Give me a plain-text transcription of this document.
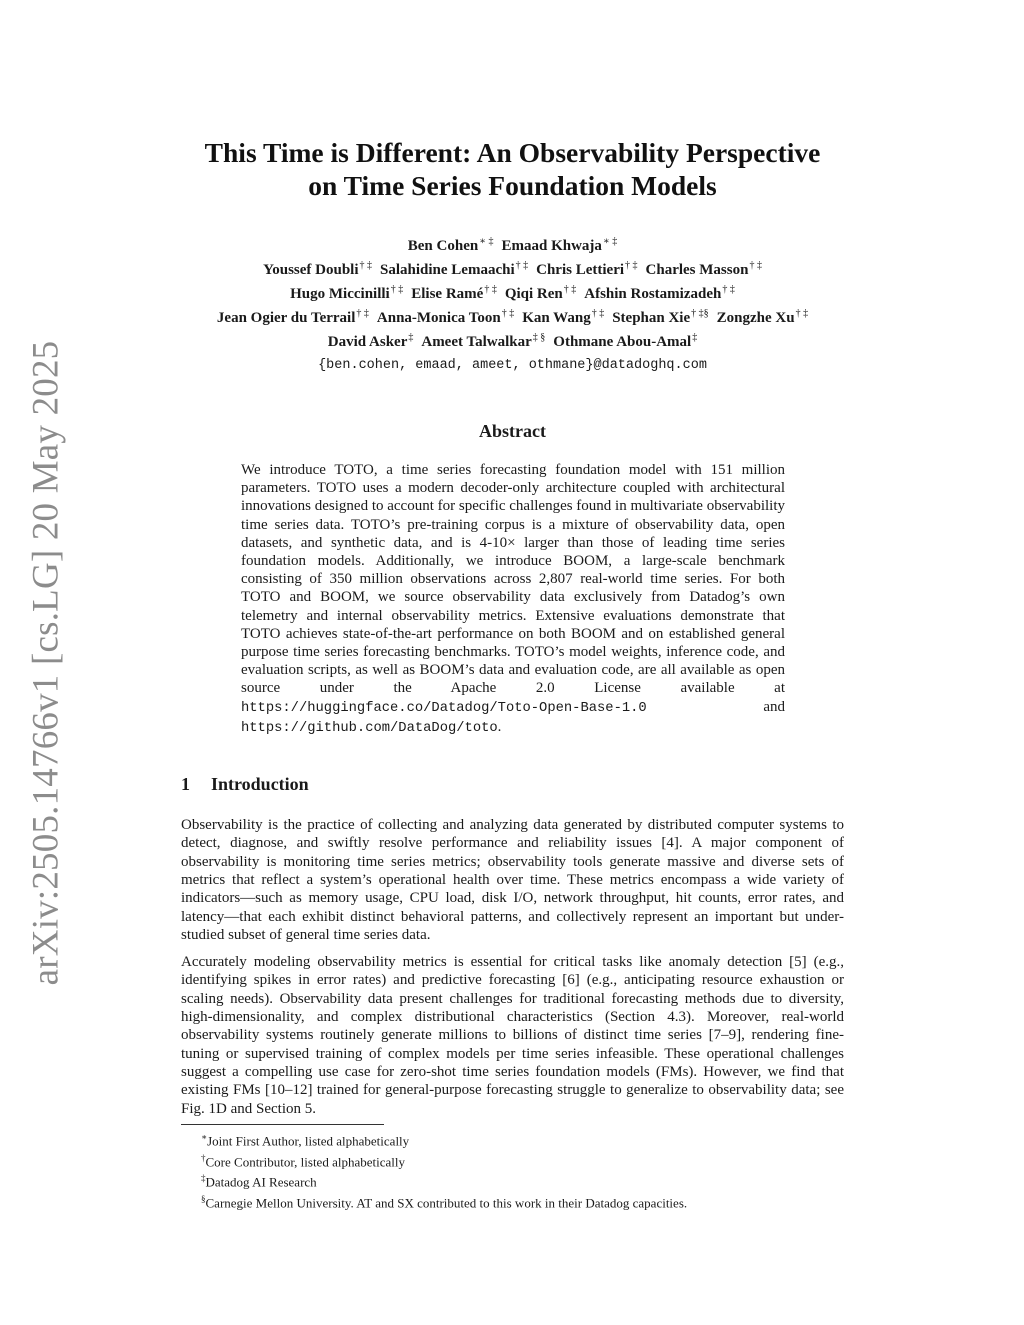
arXiv:2505.14766v1 [cs.LG] 20 May 2025
This Time is Different: An Observability Perspective
on Time Series Foundation Models
Ben Cohen∗ ‡ Emaad Khwaja∗ ‡
Youssef Doubli† ‡ Salahidine Lemaachi† ‡ Chris Lettieri† ‡ Charles Masson† ‡
Hugo Miccinilli† ‡ Elise Ramé† ‡ Qiqi Ren† ‡ Afshin Rostamizadeh† ‡
Jean Ogier du Terrail† ‡ Anna-Monica Toon† ‡ Kan Wang† ‡ Stephan Xie† ‡§ Zongzhe Xu† ‡
David Asker‡ Ameet Talwalkar‡ § Othmane Abou-Amal‡
{ben.cohen, emaad, ameet, othmane}@datadoghq.com
Abstract
We introduce TOTO, a time series forecasting foundation model with 151 million parameters. TOTO uses a modern decoder-only architecture coupled with architectural innovations designed to account for specific challenges found in multivariate observability time series data. TOTO’s pre-training corpus is a mixture of observability data, open datasets, and synthetic data, and is 4-10× larger than those of leading time series foundation models. Additionally, we introduce BOOM, a large-scale benchmark consisting of 350 million observations across 2,807 real-world time series. For both TOTO and BOOM, we source observability data exclusively from Datadog’s own telemetry and internal observability metrics. Extensive evaluations demonstrate that TOTO achieves state-of-the-art performance on both BOOM and on established general purpose time series forecasting benchmarks. TOTO’s model weights, inference code, and evaluation scripts, as well as BOOM’s data and evaluation code, are all available as open source under the Apache 2.0 License available at https://huggingface.co/Datadog/Toto-Open-Base-1.0 and https://github.com/DataDog/toto.
1 Introduction
Observability is the practice of collecting and analyzing data generated by distributed computer systems to detect, diagnose, and swiftly resolve performance and reliability issues [4]. A major component of observability is monitoring time series metrics; observability tools generate massive and diverse sets of metrics that reflect a system’s operational health over time. These metrics encompass a wide variety of indicators—such as memory usage, CPU load, disk I/O, network throughput, hit counts, error rates, and latency—that each exhibit distinct behavioral patterns, and collectively represent an important but under-studied subset of general time series data.
Accurately modeling observability metrics is essential for critical tasks like anomaly detection [5] (e.g., identifying spikes in error rates) and predictive forecasting [6] (e.g., anticipating resource exhaustion or scaling needs). Observability data present challenges for traditional forecasting methods due to diversity, high-dimensionality, and complex distributional characteristics (Section 4.3). Moreover, real-world observability systems routinely generate millions to billions of distinct time series [7–9], rendering fine-tuning or supervised training of complex models per time series infeasible. These operational challenges suggest a compelling use case for zero-shot time series foundation models (FMs). However, we find that existing FMs [10–12] trained for general-purpose forecasting struggle to generalize to observability data; see Fig. 1D and Section 5.
∗Joint First Author, listed alphabetically
†Core Contributor, listed alphabetically
‡Datadog AI Research
§Carnegie Mellon University. AT and SX contributed to this work in their Datadog capacities.
